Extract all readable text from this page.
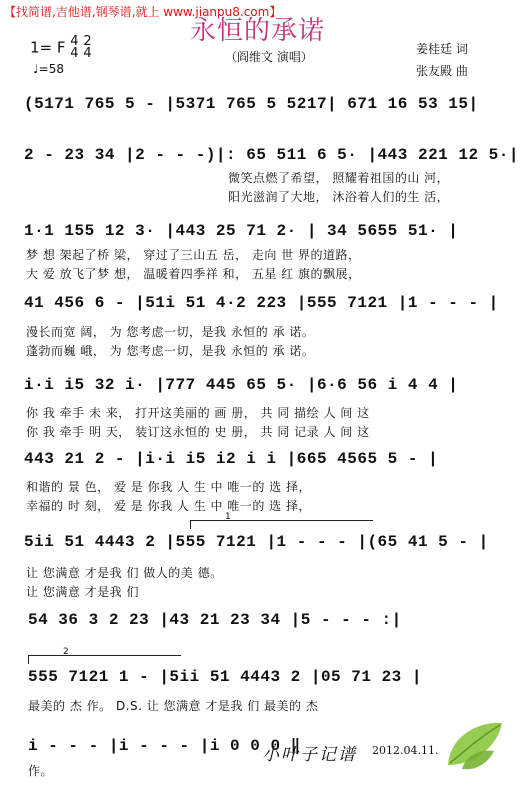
【找简谱,吉他谱,钢琴谱,就上 www.jianpu8.com】
永恒的承诺
（阎维文 演唱）
姜桂廷 词
张友殿 曲
1= F 4
4 2
4
♩=58
(5171 765 5 - |5371 765 5 5217| 671 16 53 15|
2 - 23 34 |2 - - -)|: 65 511 6 5· |443 221 12 5·|
微笑点燃了希望， 照耀着祖国的山 河，
阳光滋润了大地， 沐浴着人们的生 活，
1·1 155 12 3· |443 25 71 2· | 34 5655 51· |
梦 想 架起了桥 梁， 穿过了三山五 岳， 走向 世 界的道路，
大 爱 放飞了梦 想， 温暖着四季祥 和， 五星 红 旗的飘展，
41 456 6 - |51i 51 4·2 223 |555 7121 |1 - - - |
漫长而宽 阔， 为 您考虑一切，是我 永恒的 承 诺。
蓬勃而巍 峨， 为 您考虑一切，是我 永恒的 承 诺。
i·i i5 32 i· |777 445 65 5· |6·6 56 i 4 4 |
你 我 牵手 未 来， 打开这美丽的 画 册， 共 同 描绘 人 间 这
你 我 牵手 明 天， 装订这永恒的 史 册， 共 同 记录 人 间 这
443 21 2 - |i·i i5 i2 i i |665 4565 5 - |
和谐的 景 色， 爱 是 你我 人 生 中 唯一的 选 择，
幸福的 时 刻， 爱 是 你我 人 生 中 唯一的 选 择，
1
5ii 51 4443 2 |555 7121 |1 - - - |(65 41 5 - |
让 您满意 才是我 们 做人的美 德。
让 您满意 才是我 们
54 36 3 2 23 |43 21 23 34 |5 - - - :|
2
555 7121 1 - |5ii 51 4443 2 |05 71 23 |
最美的 杰 作。 D.S. 让 您满意 才是我 们 最美的 杰
i - - - |i - - - |i 0 0 0 ‖
作。
小叶子记谱 2012.04.11.
